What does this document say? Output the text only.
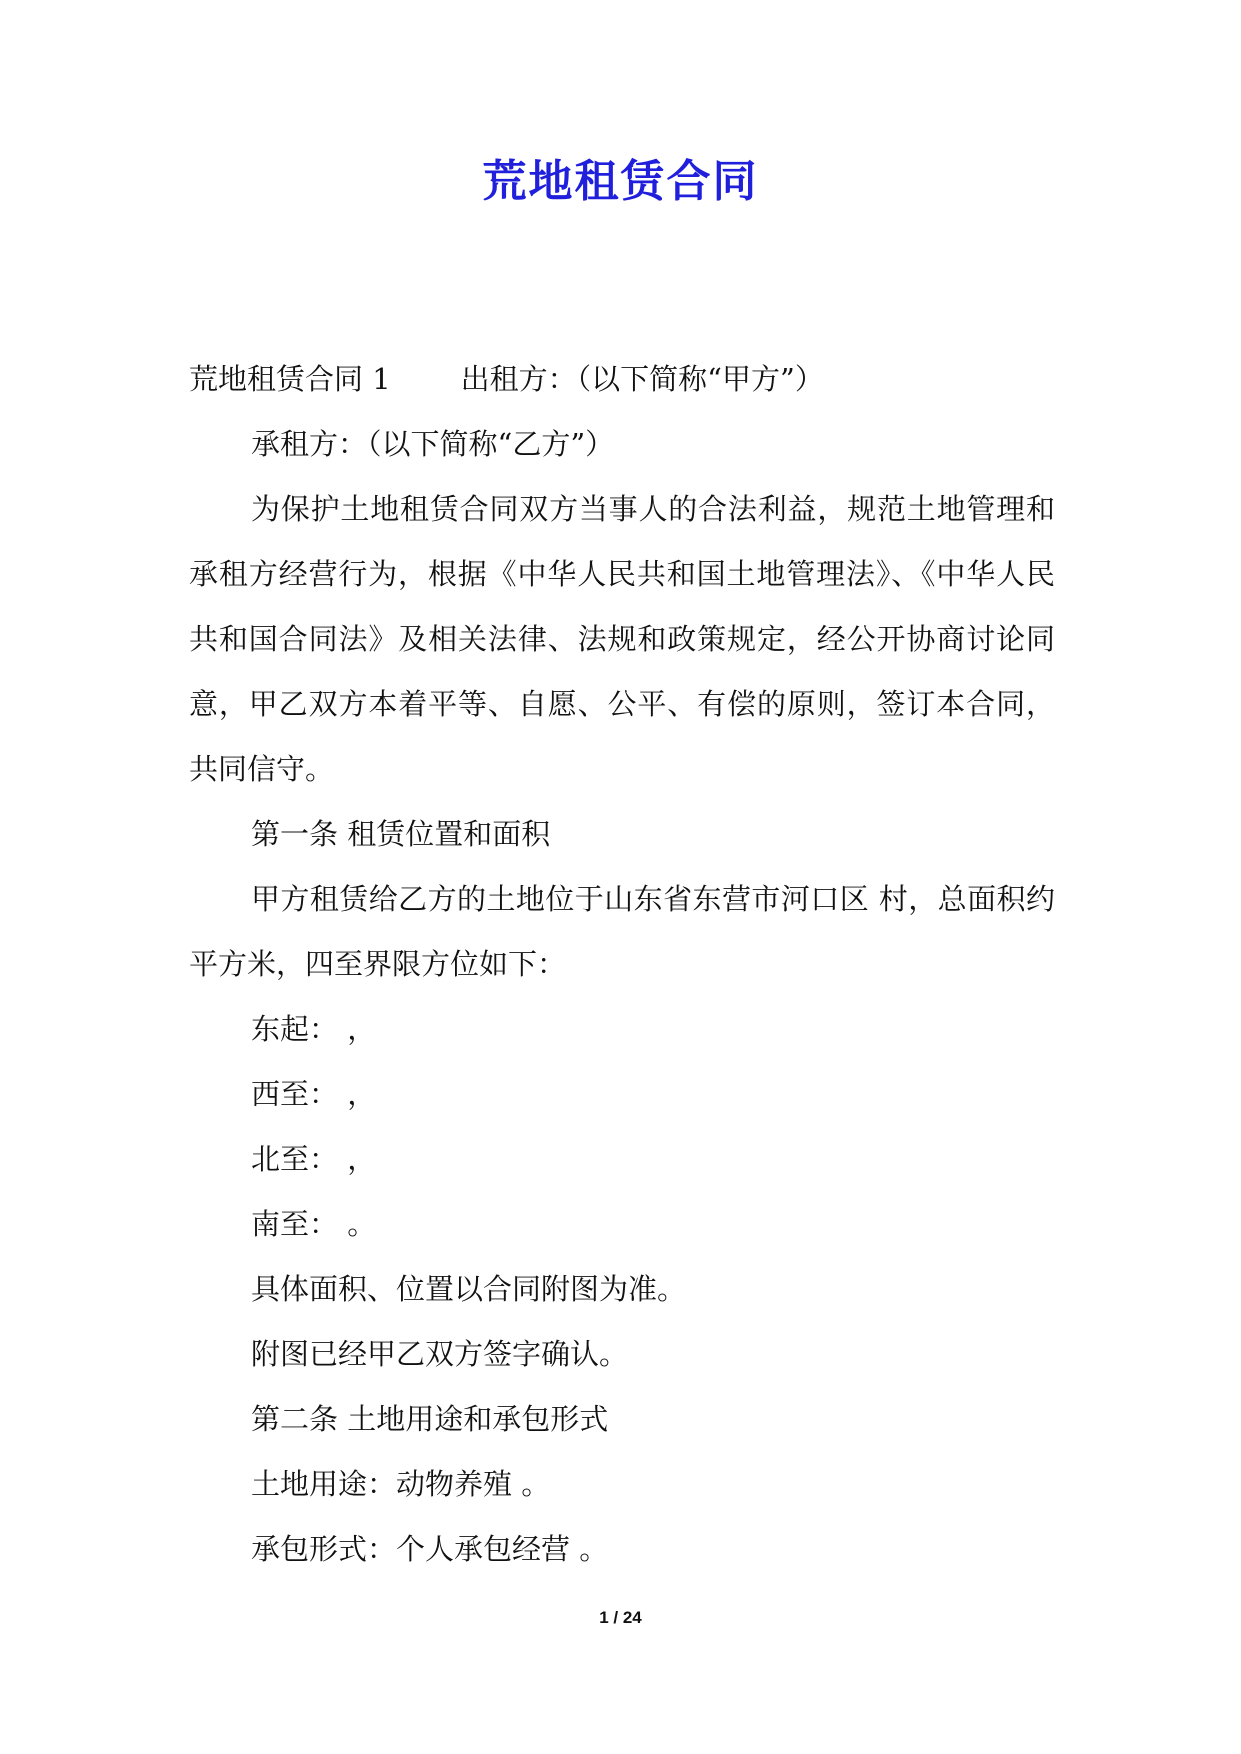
荒地租赁合同

荒地租赁合同 1 出租方：（以下简称“甲方”）

承租方：（以下简称“乙方”）

为保护土地租赁合同双方当事人的合法利益，规范土地管理和承租方经营行为，根据《中华人民共和国土地管理法》、《中华人民共和国合同法》及相关法律、法规和政策规定，经公开协商讨论同意，甲乙双方本着平等、自愿、公平、有偿的原则，签订本合同，共同信守。

第一条 租赁位置和面积

甲方租赁给乙方的土地位于山东省东营市河口区 村，总面积约 平方米，四至界限方位如下：

东起： ，

西至： ，

北至： ，

南至： 。

具体面积、位置以合同附图为准。

附图已经甲乙双方签字确认。

第二条 土地用途和承包形式

土地用途：动物养殖 。

承包形式：个人承包经营 。

1 / 24
